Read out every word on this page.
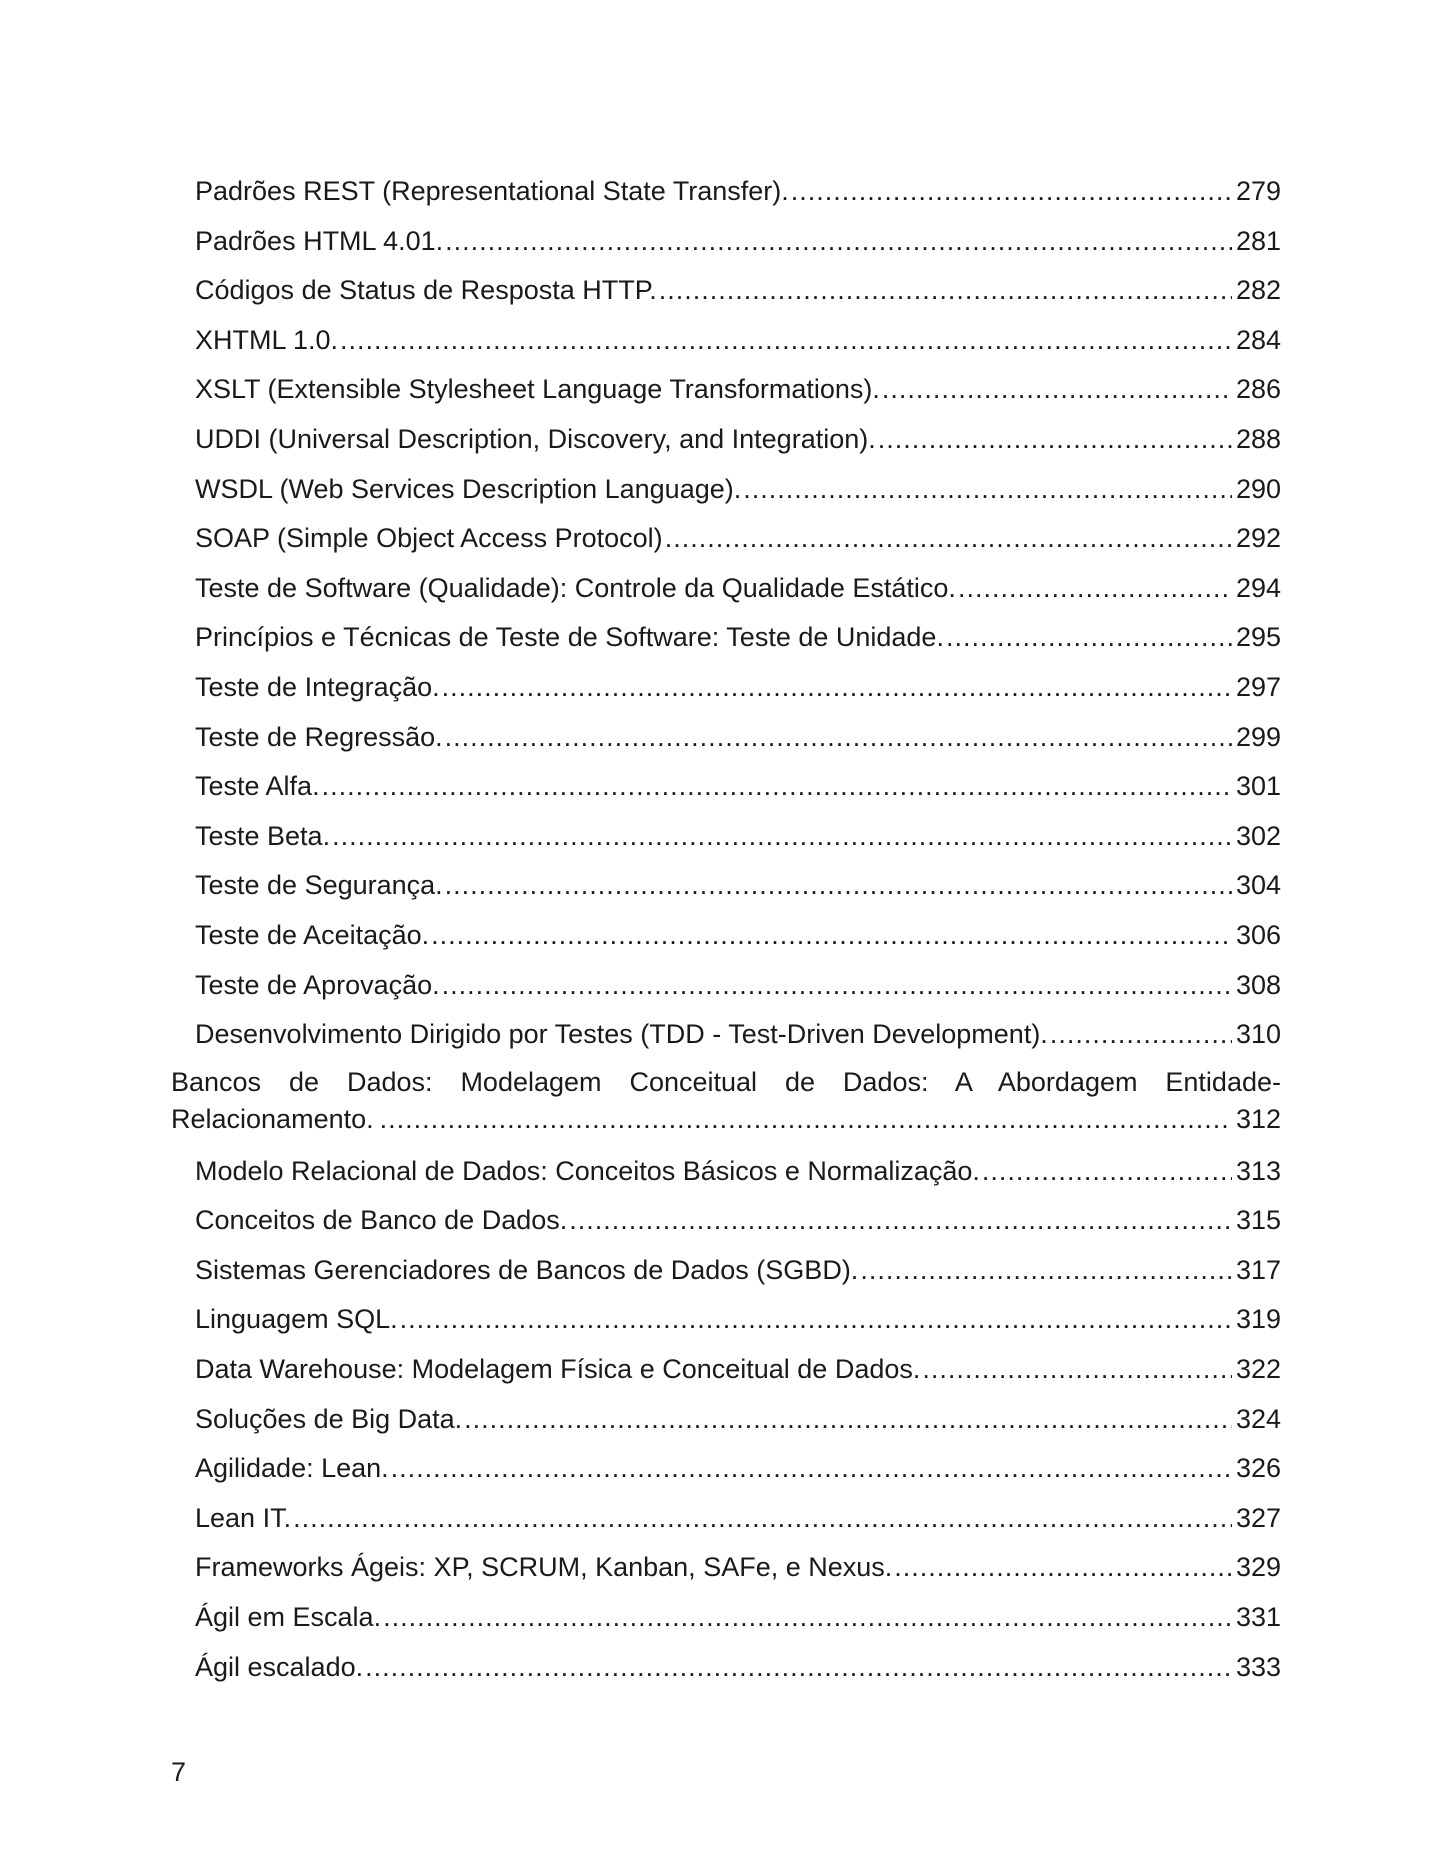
Padrões REST (Representational State Transfer). .....	279
Padrões HTML 4.01. .....	281
Códigos de Status de Resposta HTTP. .....	282
XHTML 1.0. .....	284
XSLT (Extensible Stylesheet Language Transformations). .....	286
UDDI (Universal Description, Discovery, and Integration). .....	288
WSDL (Web Services Description Language). .....	290
SOAP (Simple Object Access Protocol) .....	292
Teste de Software (Qualidade): Controle da Qualidade Estático. .....	294
Princípios e Técnicas de Teste de Software: Teste de Unidade. .....	295
Teste de Integração. .....	297
Teste de Regressão. .....	299
Teste Alfa. .....	301
Teste Beta. .....	302
Teste de Segurança. .....	304
Teste de Aceitação. .....	306
Teste de Aprovação. .....	308
Desenvolvimento Dirigido por Testes (TDD - Test-Driven Development). .....	310
Bancos de Dados: Modelagem Conceitual de Dados: A Abordagem Entidade-
Relacionamento. .....	312
Modelo Relacional de Dados: Conceitos Básicos e Normalização. .....	313
Conceitos de Banco de Dados. .....	315
Sistemas Gerenciadores de Bancos de Dados (SGBD). .....	317
Linguagem SQL. .....	319
Data Warehouse: Modelagem Física e Conceitual de Dados. .....	322
Soluções de Big Data. .....	324
Agilidade: Lean. .....	326
Lean IT. .....	327
Frameworks Ágeis: XP, SCRUM, Kanban, SAFe, e Nexus. .....	329
Ágil em Escala. .....	331
Ágil escalado. .....	333
7
